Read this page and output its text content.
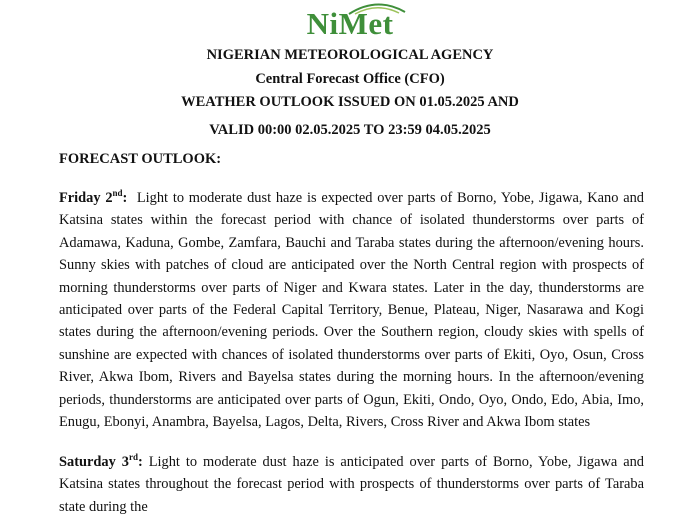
NiMet
NIGERIAN METEOROLOGICAL AGENCY
Central Forecast Office (CFO)
WEATHER OUTLOOK ISSUED ON 01.05.2025 AND
VALID 00:00 02.05.2025 TO 23:59 04.05.2025
FORECAST OUTLOOK:
Friday 2nd: Light to moderate dust haze is expected over parts of Borno, Yobe, Jigawa, Kano and Katsina states within the forecast period with chance of isolated thunderstorms over parts of Adamawa, Kaduna, Gombe, Zamfara, Bauchi and Taraba states during the afternoon/evening hours. Sunny skies with patches of cloud are anticipated over the North Central region with prospects of morning thunderstorms over parts of Niger and Kwara states. Later in the day, thunderstorms are anticipated over parts of the Federal Capital Territory, Benue, Plateau, Niger, Nasarawa and Kogi states during the afternoon/evening periods. Over the Southern region, cloudy skies with spells of sunshine are expected with chances of isolated thunderstorms over parts of Ekiti, Oyo, Osun, Cross River, Akwa Ibom, Rivers and Bayelsa states during the morning hours. In the afternoon/evening periods, thunderstorms are anticipated over parts of Ogun, Ekiti, Ondo, Oyo, Ondo, Edo, Abia, Imo, Enugu, Ebonyi, Anambra, Bayelsa, Lagos, Delta, Rivers, Cross River and Akwa Ibom states
Saturday 3rd: Light to moderate dust haze is anticipated over parts of Borno, Yobe, Jigawa and Katsina states throughout the forecast period with prospects of thunderstorms over parts of Taraba state during the
